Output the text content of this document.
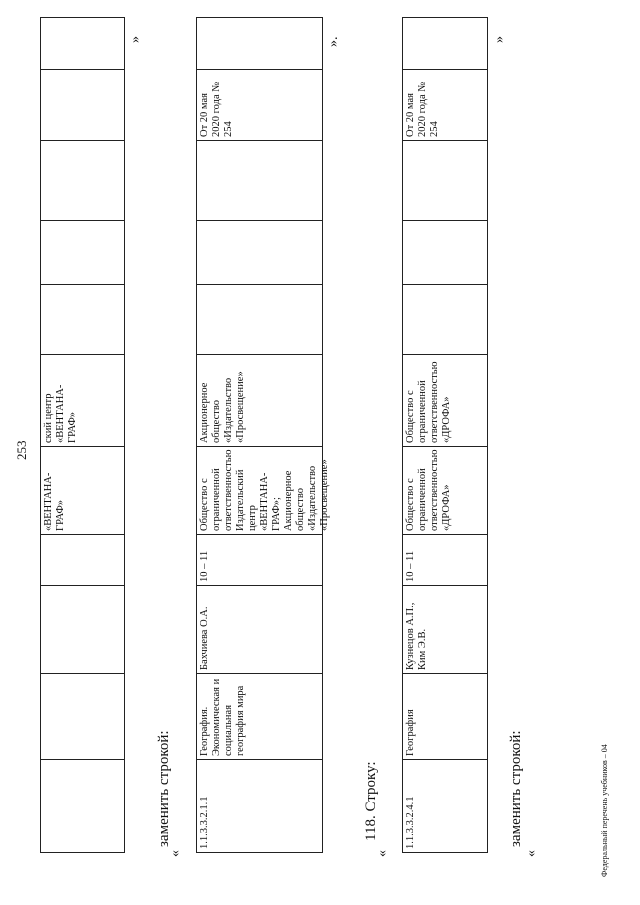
253
«ВЕНТАНА-ГРАФ»
ский центр «ВЕНТАНА-ГРАФ»
»
заменить строкой:
«
1.1.3.3.2.1.1
География. Экономическая и социальная география мира
Бахчиева О.А.
10 – 11
Общество с ограниченной ответственностью Издательский центр «ВЕНТАНА-ГРАФ»; Акционерное общество «Издательство «Просвещение»
Акционерное общество «Издательство «Просвещение»
От 20 мая 2020 года № 254
».
118. Строку:
«
1.1.3.3.2.4.1
География
Кузнецов А.П., Ким Э.В.
10 – 11
Общество с ограниченной ответственностью «ДРОФА»
Общество с ограниченной ответственностью «ДРОФА»
От 20 мая 2020 года № 254
»
заменить строкой:
«	Федеральный перечень учебников – 04
